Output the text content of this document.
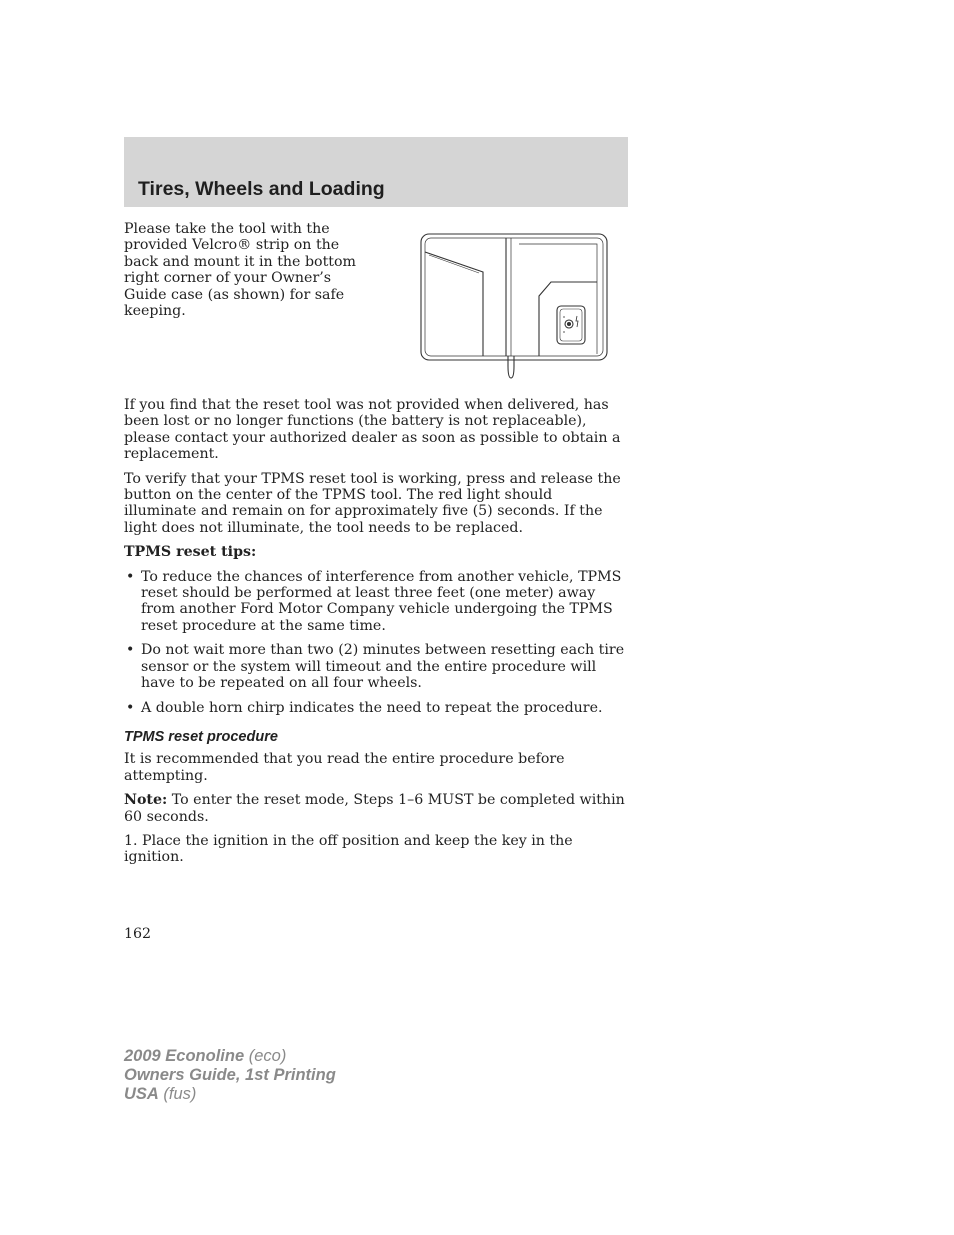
Tires, Wheels and Loading

Please take the tool with the provided Velcro® strip on the back and mount it in the bottom right corner of your Owner’s Guide case (as shown) for safe keeping.

If you find that the reset tool was not provided when delivered, has been lost or no longer functions (the battery is not replaceable), please contact your authorized dealer as soon as possible to obtain a replacement.

To verify that your TPMS reset tool is working, press and release the button on the center of the TPMS tool. The red light should illuminate and remain on for approximately five (5) seconds. If the light does not illuminate, the tool needs to be replaced.

TPMS reset tips:

• To reduce the chances of interference from another vehicle, TPMS reset should be performed at least three feet (one meter) away from another Ford Motor Company vehicle undergoing the TPMS reset procedure at the same time.
• Do not wait more than two (2) minutes between resetting each tire sensor or the system will timeout and the entire procedure will have to be repeated on all four wheels.
• A double horn chirp indicates the need to repeat the procedure.
TPMS reset procedure

It is recommended that you read the entire procedure before attempting.

Note: To enter the reset mode, Steps 1–6 MUST be completed within 60 seconds.

1. Place the ignition in the off position and keep the key in the ignition.

162
2009 Econoline (eco)
Owners Guide, 1st Printing
USA (fus)
